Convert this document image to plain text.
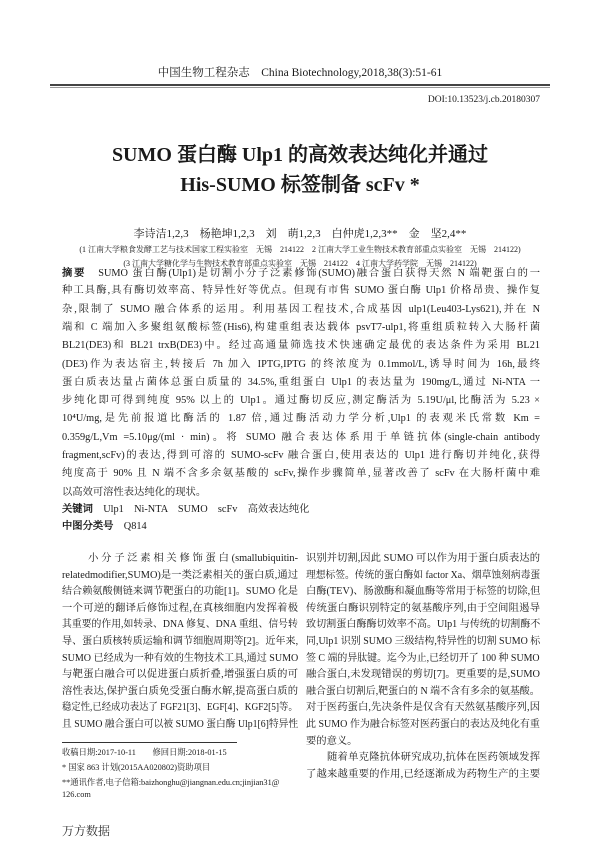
中国生物工程杂志　China Biotechnology,2018,38(3):51-61
DOI:10.13523/j.cb.20180307
SUMO 蛋白酶 Ulp1 的高效表达纯化并通过
His-SUMO 标签制备 scFv *
李诗洁1,2,3　杨艳坤1,2,3　刘　萌1,2,3　白仲虎1,2,3**　金　坚2,4**
(1 江南大学粮食发酵工艺与技术国家工程实验室　无锡　214122　2 江南大学工业生物技术教育部重点实验室　无锡　214122)
(3 江南大学糖化学与生物技术教育部重点实验室　无锡　214122　4 江南大学药学院　无锡　214122)
摘要　 SUMO 蛋白酶(Ulp1)是切割小分子泛素修饰(SUMO)融合蛋白获得天然 N 端靶蛋白的一
种工具酶,具有酶切效率高、特异性好等优点。但现有市售 SUMO 蛋白酶 Ulp1 价格昂贵、操作复
杂,限制了 SUMO 融合体系的运用。利用基因工程技术,合成基因 ulp1(Leu403-Lys621),并在 N
端和 C 端加入多聚组氨酸标签(His6),构建重组表达载体 psvT7-ulp1,将重组质粒转入大肠杆菌
BL21(DE3)和 BL21 trxB(DE3)中。经过高通量筛选技术快速确定最优的表达条件为采用 BL21
(DE3)作为表达宿主,转接后 7h 加入 IPTG,IPTG 的终浓度为 0.1mmol/L,诱导时间为 16h,最终
蛋白质表达量占菌体总蛋白质量的 34.5%,重组蛋白 Ulp1 的表达量为 190mg/L,通过 Ni-NTA 一
步纯化即可得到纯度 95% 以上的 Ulp1。通过酶切反应,测定酶活为 5.19U/μl,比酶活为 5.23 ×
10⁴U/mg,是先前报道比酶活的 1.87 倍,通过酶活动力学分析,Ulp1 的表观米氏常数 Km =
0.359g/L,Vm =5.10μg/(ml · min)。将 SUMO 融合表达体系用于单链抗体(single-chain antibody
fragment,scFv)的表达,得到可溶的 SUMO-scFv 融合蛋白,使用表达的 Ulp1 进行酶切并纯化,获得
纯度高于 90% 且 N 端不含多余氨基酸的 scFv,操作步骤简单,显著改善了 scFv 在大肠杆菌中难
以高效可溶性表达纯化的现状。
关键词　 Ulp1　Ni-NTA　SUMO　scFv　高效表达纯化
中图分类号　 Q814
　　小分子泛素相关修饰蛋白(smallubiquitin-
relatedmodifier,SUMO)是一类泛素相关的蛋白质,通过
结合赖氨酸侧链来调节靶蛋白的功能[1]。SUMO 化是
一个可逆的翻译后修饰过程,在真核细胞内发挥着极
其重要的作用,如转录、DNA 修复、DNA 重组、信号转
导、蛋白质核转质运输和调节细胞周期等[2]。近年来,
SUMO 已经成为一种有效的生物技术工具,通过 SUMO
与靶蛋白融合可以促进蛋白质折叠,增强蛋白质的可
溶性表达,保护蛋白质免受蛋白酶水解,提高蛋白质的
稳定性,已经成功表达了 FGF21[3]、EGF[4]、KGF2[5]等。
且 SUMO 融合蛋白可以被 SUMO 蛋白酶 Ulp1[6]特异性
识别并切割,因此 SUMO 可以作为用于蛋白质表达的
理想标签。传统的蛋白酶如 factor Xa、烟草蚀刻病毒蛋
白酶(TEV)、肠激酶和凝血酶等常用于标签的切除,但
传统蛋白酶识别特定的氨基酸序列,由于空间阻遏导
致切割蛋白酶酶切效率不高。Ulp1 与传统的切割酶不
同,Ulp1 识别 SUMO 三级结构,特异性的切割 SUMO 标
签 C 端的异肽键。迄今为止,已经切开了 100 种 SUMO
融合蛋白,未发现错误的剪切[7]。更重要的是,SUMO
融合蛋白切割后,靶蛋白的 N 端不含有多余的氨基酸。
对于医药蛋白,先决条件是仅含有天然氨基酸序列,因
此 SUMO 作为融合标签对医药蛋白的表达及纯化有重
要的意义。
　　随着单克隆抗体研究成功,抗体在医药领域发挥
了越来越重要的作用,已经逐渐成为药物生产的主要
收稿日期:2017-10-11　　修回日期:2018-01-15
* 国家 863 计划(2015AA020802)资助项目
**通讯作者,电子信箱:baizhonghu@jiangnan.edu.cn;jinjian31@
126.com
万方数据
